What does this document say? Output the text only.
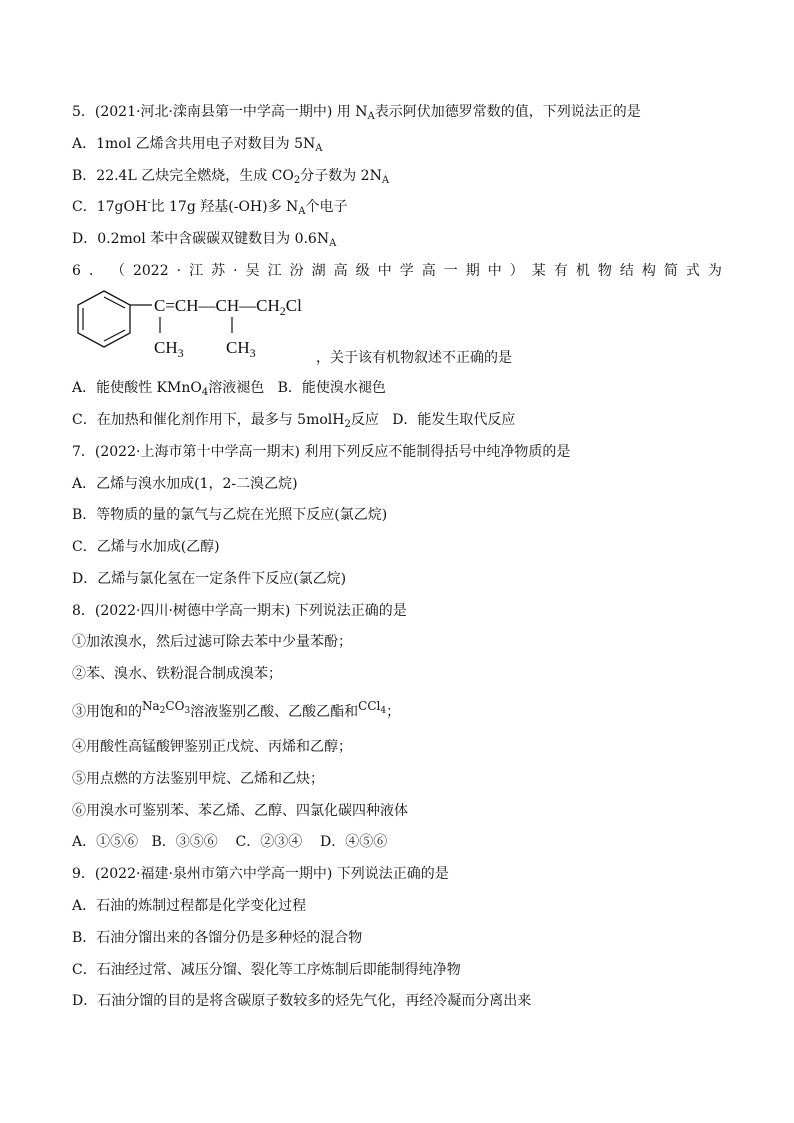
5．(2021·河北·滦南县第一中学高一期中) 用 $N_A$表示阿伏加德罗常数的值，下列说法正的是
A．1mol 乙烯含共用电子对数目为 $5N_A$
B．22.4L 乙炔完全燃烧，生成 $CO_2$分子数为 $2N_A$
C．17gOH-比 17g 羟基(-OH)多 $N_A$个电子
D．0.2mol 苯中含碳碳双键数目为 $0.6N_A$
6 ． （ 2022 · 江 苏 · 吴 江 汾 湖 高 级 中 学 高 一 期 中 ） 某 有 机 物 结 构 简 式 为
$C=CH—CH—CH_2Cl$
$CH_3$ $CH_3$	，关于该有机物叙述不正确的是
A．能使酸性 KMnO$_4$溶液褪色   B．能使溴水褪色
C．在加热和催化剂作用下，最多与 5molH$_2$反应   D．能发生取代反应
7．(2022·上海市第十中学高一期末) 利用下列反应不能制得括号中纯净物质的是
A．乙烯与溴水加成(1，2-二溴乙烷)
B．等物质的量的氯气与乙烷在光照下反应(氯乙烷)
C．乙烯与水加成(乙醇)
D．乙烯与氯化氢在一定条件下反应(氯乙烷)
8．(2022·四川·树德中学高一期末) 下列说法正确的是
①加浓溴水，然后过滤可除去苯中少量苯酚；
②苯、溴水、铁粉混合制成溴苯；
③用饱和的$Na_2CO_3$溶液鉴别乙酸、乙酸乙酯和CCl$_4$；
④用酸性高锰酸钾鉴别正戊烷、丙烯和乙醇；
⑤用点燃的方法鉴别甲烷、乙烯和乙炔；
⑥用溴水可鉴别苯、苯乙烯、乙醇、四氯化碳四种液体
A．①⑤⑥   B．③⑤⑥    C．②③④    D．④⑤⑥
9．(2022·福建·泉州市第六中学高一期中) 下列说法正确的是
A．石油的炼制过程都是化学变化过程
B．石油分馏出来的各馏分仍是多种烃的混合物
C．石油经过常、减压分馏、裂化等工序炼制后即能制得纯净物
D．石油分馏的目的是将含碳原子数较多的烃先气化，再经冷凝而分离出来
